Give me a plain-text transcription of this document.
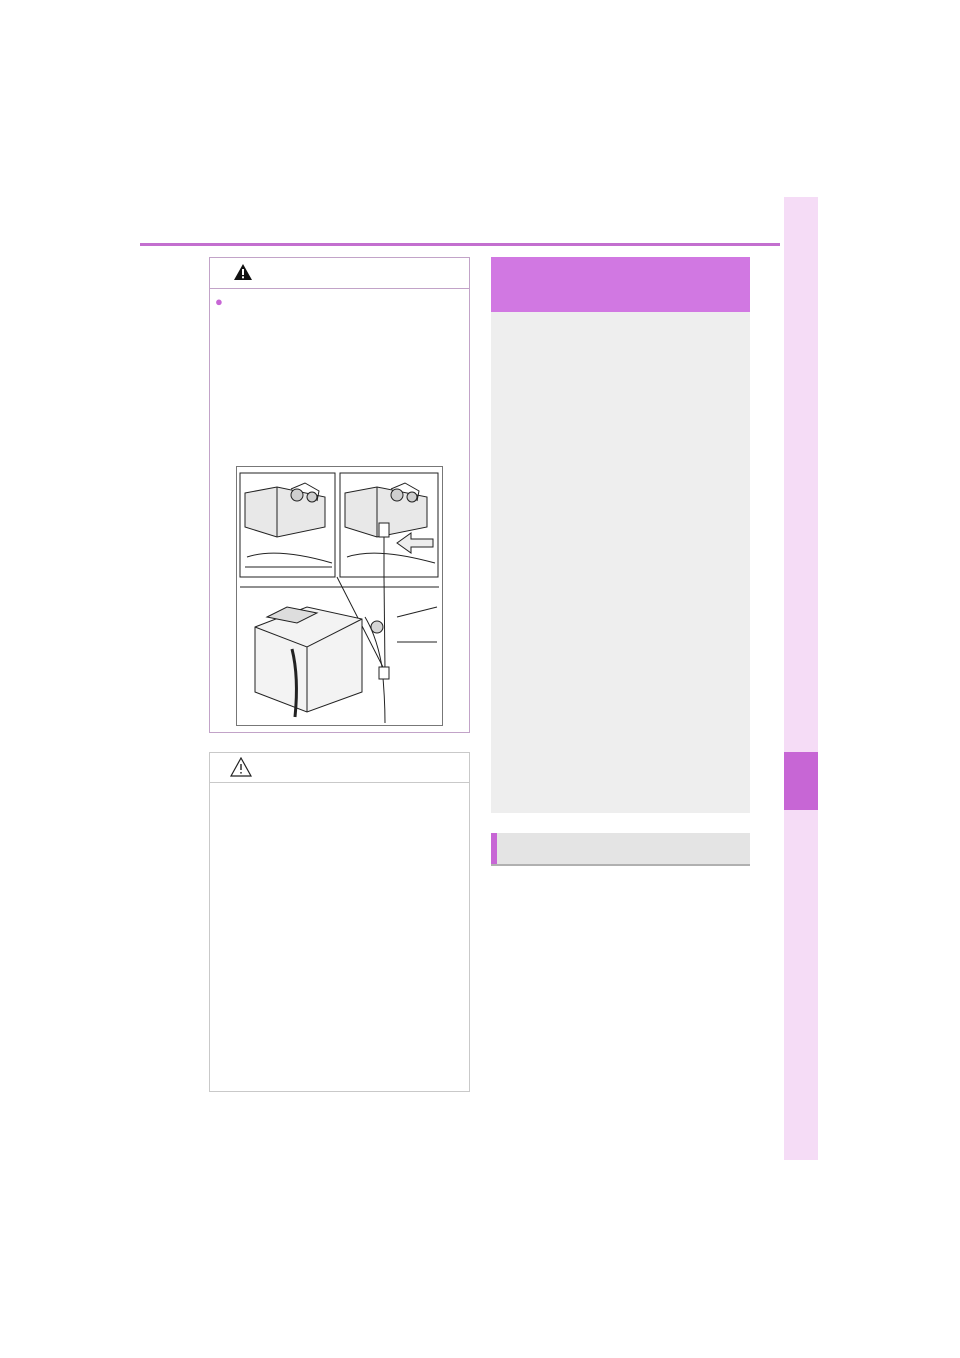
●
